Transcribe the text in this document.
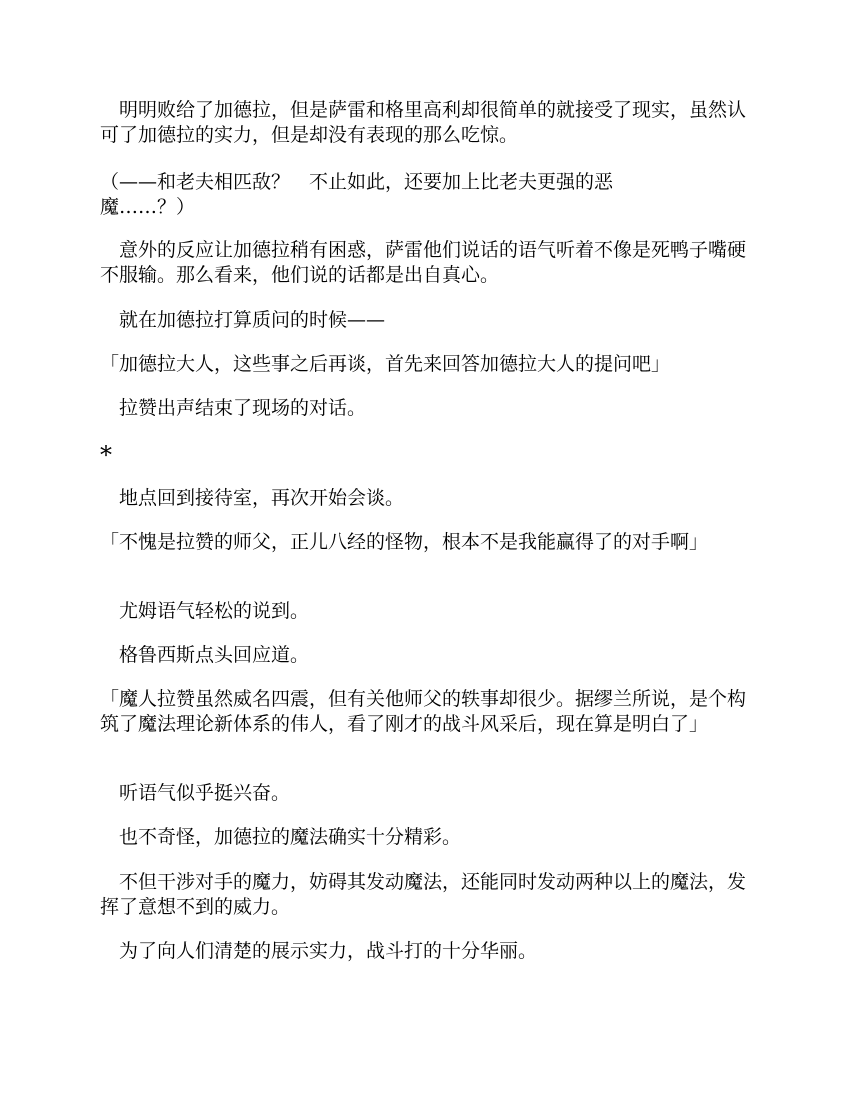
　明明败给了加德拉，但是萨雷和格里高利却很简单的就接受了现实，虽然认可了加德拉的实力，但是却没有表现的那么吃惊。

（——和老夫相匹敌？　不止如此，还要加上比老夫更强的恶魔……？）

　意外的反应让加德拉稍有困惑，萨雷他们说话的语气听着不像是死鸭子嘴硬不服输。那么看来，他们说的话都是出自真心。

　就在加德拉打算质问的时候——

「加德拉大人，这些事之后再谈，首先来回答加德拉大人的提问吧」

　拉赞出声结束了现场的对话。

*

　地点回到接待室，再次开始会谈。

「不愧是拉赞的师父，正儿八经的怪物，根本不是我能赢得了的对手啊」

　尤姆语气轻松的说到。

　格鲁西斯点头回应道。

「魔人拉赞虽然威名四震，但有关他师父的轶事却很少。据缪兰所说，是个构筑了魔法理论新体系的伟人，看了刚才的战斗风采后，现在算是明白了」

　听语气似乎挺兴奋。

　也不奇怪，加德拉的魔法确实十分精彩。

　不但干涉对手的魔力，妨碍其发动魔法，还能同时发动两种以上的魔法，发挥了意想不到的威力。

　为了向人们清楚的展示实力，战斗打的十分华丽。
